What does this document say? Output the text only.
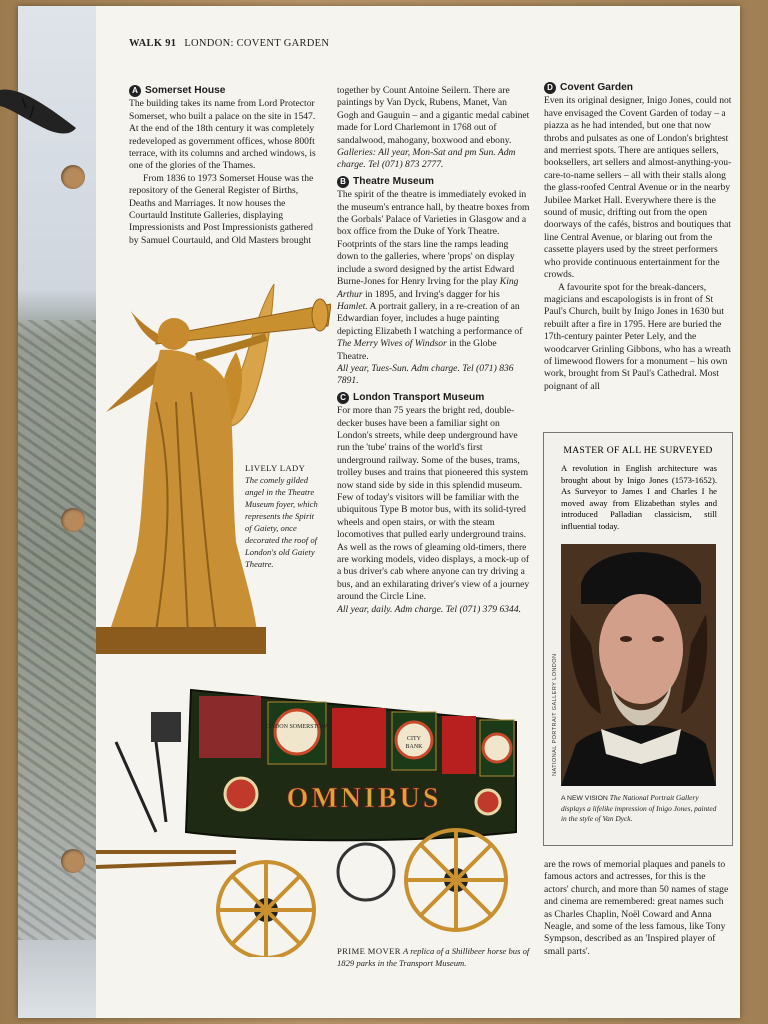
WALK 91 LONDON: COVENT GARDEN
A Somerset House

The building takes its name from Lord Protector Somerset, who built a palace on the site in 1547. At the end of the 18th century it was completely redeveloped as government offices, whose 800ft terrace, with its columns and arched windows, is one of the glories of the Thames.

From 1836 to 1973 Somerset House was the repository of the General Register of Births, Deaths and Marriages. It now houses the Courtauld Institute Galleries, displaying Impressionists and Post Impressionists gathered by Samuel Courtauld, and Old Masters brought

LIVELY LADY The comely gilded angel in the Theatre Museum foyer, which represents the Spirit of Gaiety, once decorated the roof of London's old Gaiety Theatre.

together by Count Antoine Seilern. There are paintings by Van Dyck, Rubens, Manet, Van Gogh and Gauguin – and a gigantic medal cabinet made for Lord Charlemont in 1768 out of sandalwood, mahogany, boxwood and ebony.

Galleries: All year, Mon-Sat and pm Sun. Adm charge. Tel (071) 873 2777.

B Theatre Museum

The spirit of the theatre is immediately evoked in the museum's entrance hall, by theatre boxes from the Gorbals' Palace of Varieties in Glasgow and a box office from the Duke of York Theatre. Footprints of the stars line the ramps leading down to the galleries, where 'props' on display include a sword designed by the artist Edward Burne-Jones for Henry Irving for the play King Arthur in 1895, and Irving's dagger for his Hamlet. A portrait gallery, in a re-creation of an Edwardian foyer, includes a huge painting depicting Elizabeth I watching a performance of The Merry Wives of Windsor in the Globe Theatre.

All year, Tues-Sun. Adm charge. Tel (071) 836 7891.

C London Transport Museum

For more than 75 years the bright red, double-decker buses have been a familiar sight on London's streets, while deep underground have run the 'tube' trains of the world's first underground railway. Some of the buses, trams, trolley buses and trains that pioneered this system now stand side by side in this splendid museum. Few of today's visitors will be familiar with the ubiquitous Type B motor bus, with its solid-tyred wheels and open stairs, or with the steam locomotives that pulled early underground trains. As well as the rows of gleaming old-timers, there are working models, video displays, a mock-up of a bus driver's cab where anyone can try driving a bus, and an exhilarating driver's view of a journey around the Circle Line.

All year, daily. Adm charge. Tel (071) 379 6344.

D Covent Garden

Even its original designer, Inigo Jones, could not have envisaged the Covent Garden of today – a piazza as he had intended, but one that now throbs and pulsates as one of London's brightest and merriest spots. There are antiques sellers, booksellers, art sellers and almost-anything-you-care-to-name sellers – all with their stalls along the glass-roofed Central Avenue or in the nearby Jubilee Market Hall. Everywhere there is the sound of music, drifting out from the open doorways of the cafés, bistros and boutiques that line Central Avenue, or blaring out from the cassette players used by the street performers who provide continuous entertainment for the crowds.

A favourite spot for the break-dancers, magicians and escapologists is in front of St Paul's Church, built by Inigo Jones in 1630 but rebuilt after a fire in 1795. Here are buried the 17th-century painter Peter Lely, and the woodcarver Grinling Gibbons, who has a wreath of limewood flowers for a monument – his own work, brought from St Paul's Cathedral. Most poignant of all

MASTER OF ALL HE SURVEYED
A revolution in English architecture was brought about by Inigo Jones (1573-1652). As Surveyor to James I and Charles I he moved away from Elizabethan styles and introduced Palladian classicism, still influential today.
NATIONAL PORTRAIT GALLERY LONDON
A NEW VISION The National Portrait Gallery displays a lifelike impression of Inigo Jones, painted in the style of Van Dyck.
LONDON SOMERSTOWN
CITY
BANK
OMNIBUS
PRIME MOVER A replica of a Shillibeer horse bus of 1829 parks in the Transport Museum.

are the rows of memorial plaques and panels to famous actors and actresses, for this is the actors' church, and more than 50 names of stage and cinema are remembered: great names such as Charles Chaplin, Noël Coward and Anna Neagle, and some of the less famous, like Tony Sympson, described as an 'Inspired player of small parts'.
